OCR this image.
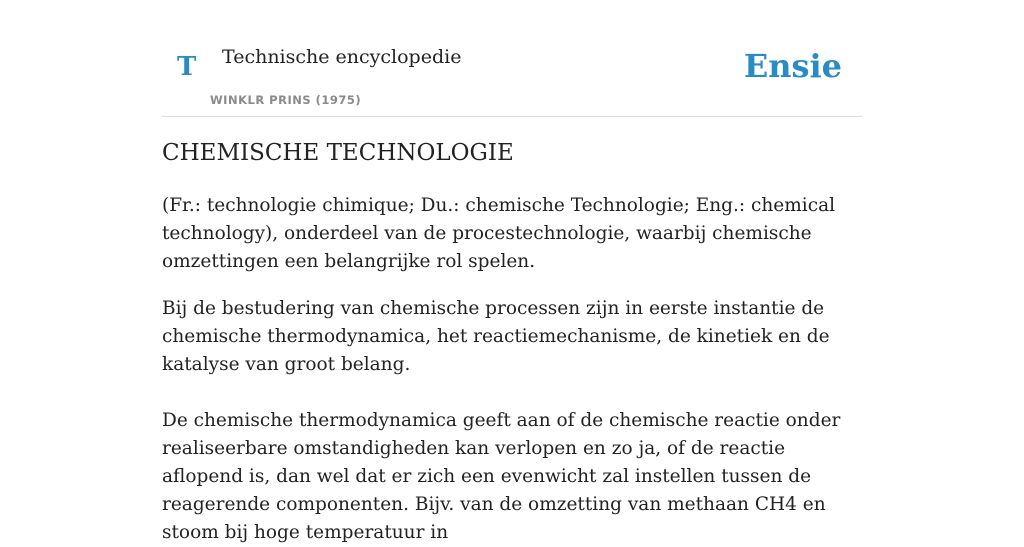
T Technische encyclopedie
WINKLR PRINS (1975)
Ensie
CHEMISCHE TECHNOLOGIE

(Fr.: technologie chimique; Du.: chemische Technologie; Eng.: chemical technology), onderdeel van de procestechnologie, waarbij chemische omzettingen een belangrijke rol spelen.

Bij de bestudering van chemische processen zijn in eerste instantie de chemische thermodynamica, het reactiemechanisme, de kinetiek en de katalyse van groot belang.

De chemische thermodynamica geeft aan of de chemische reactie onder realiseerbare omstandigheden kan verlopen en zo ja, of de reactie aflopend is, dan wel dat er zich een evenwicht zal instellen tussen de reagerende componenten. Bijv. van de omzetting van methaan CH4 en stoom bij hoge temperatuur in
